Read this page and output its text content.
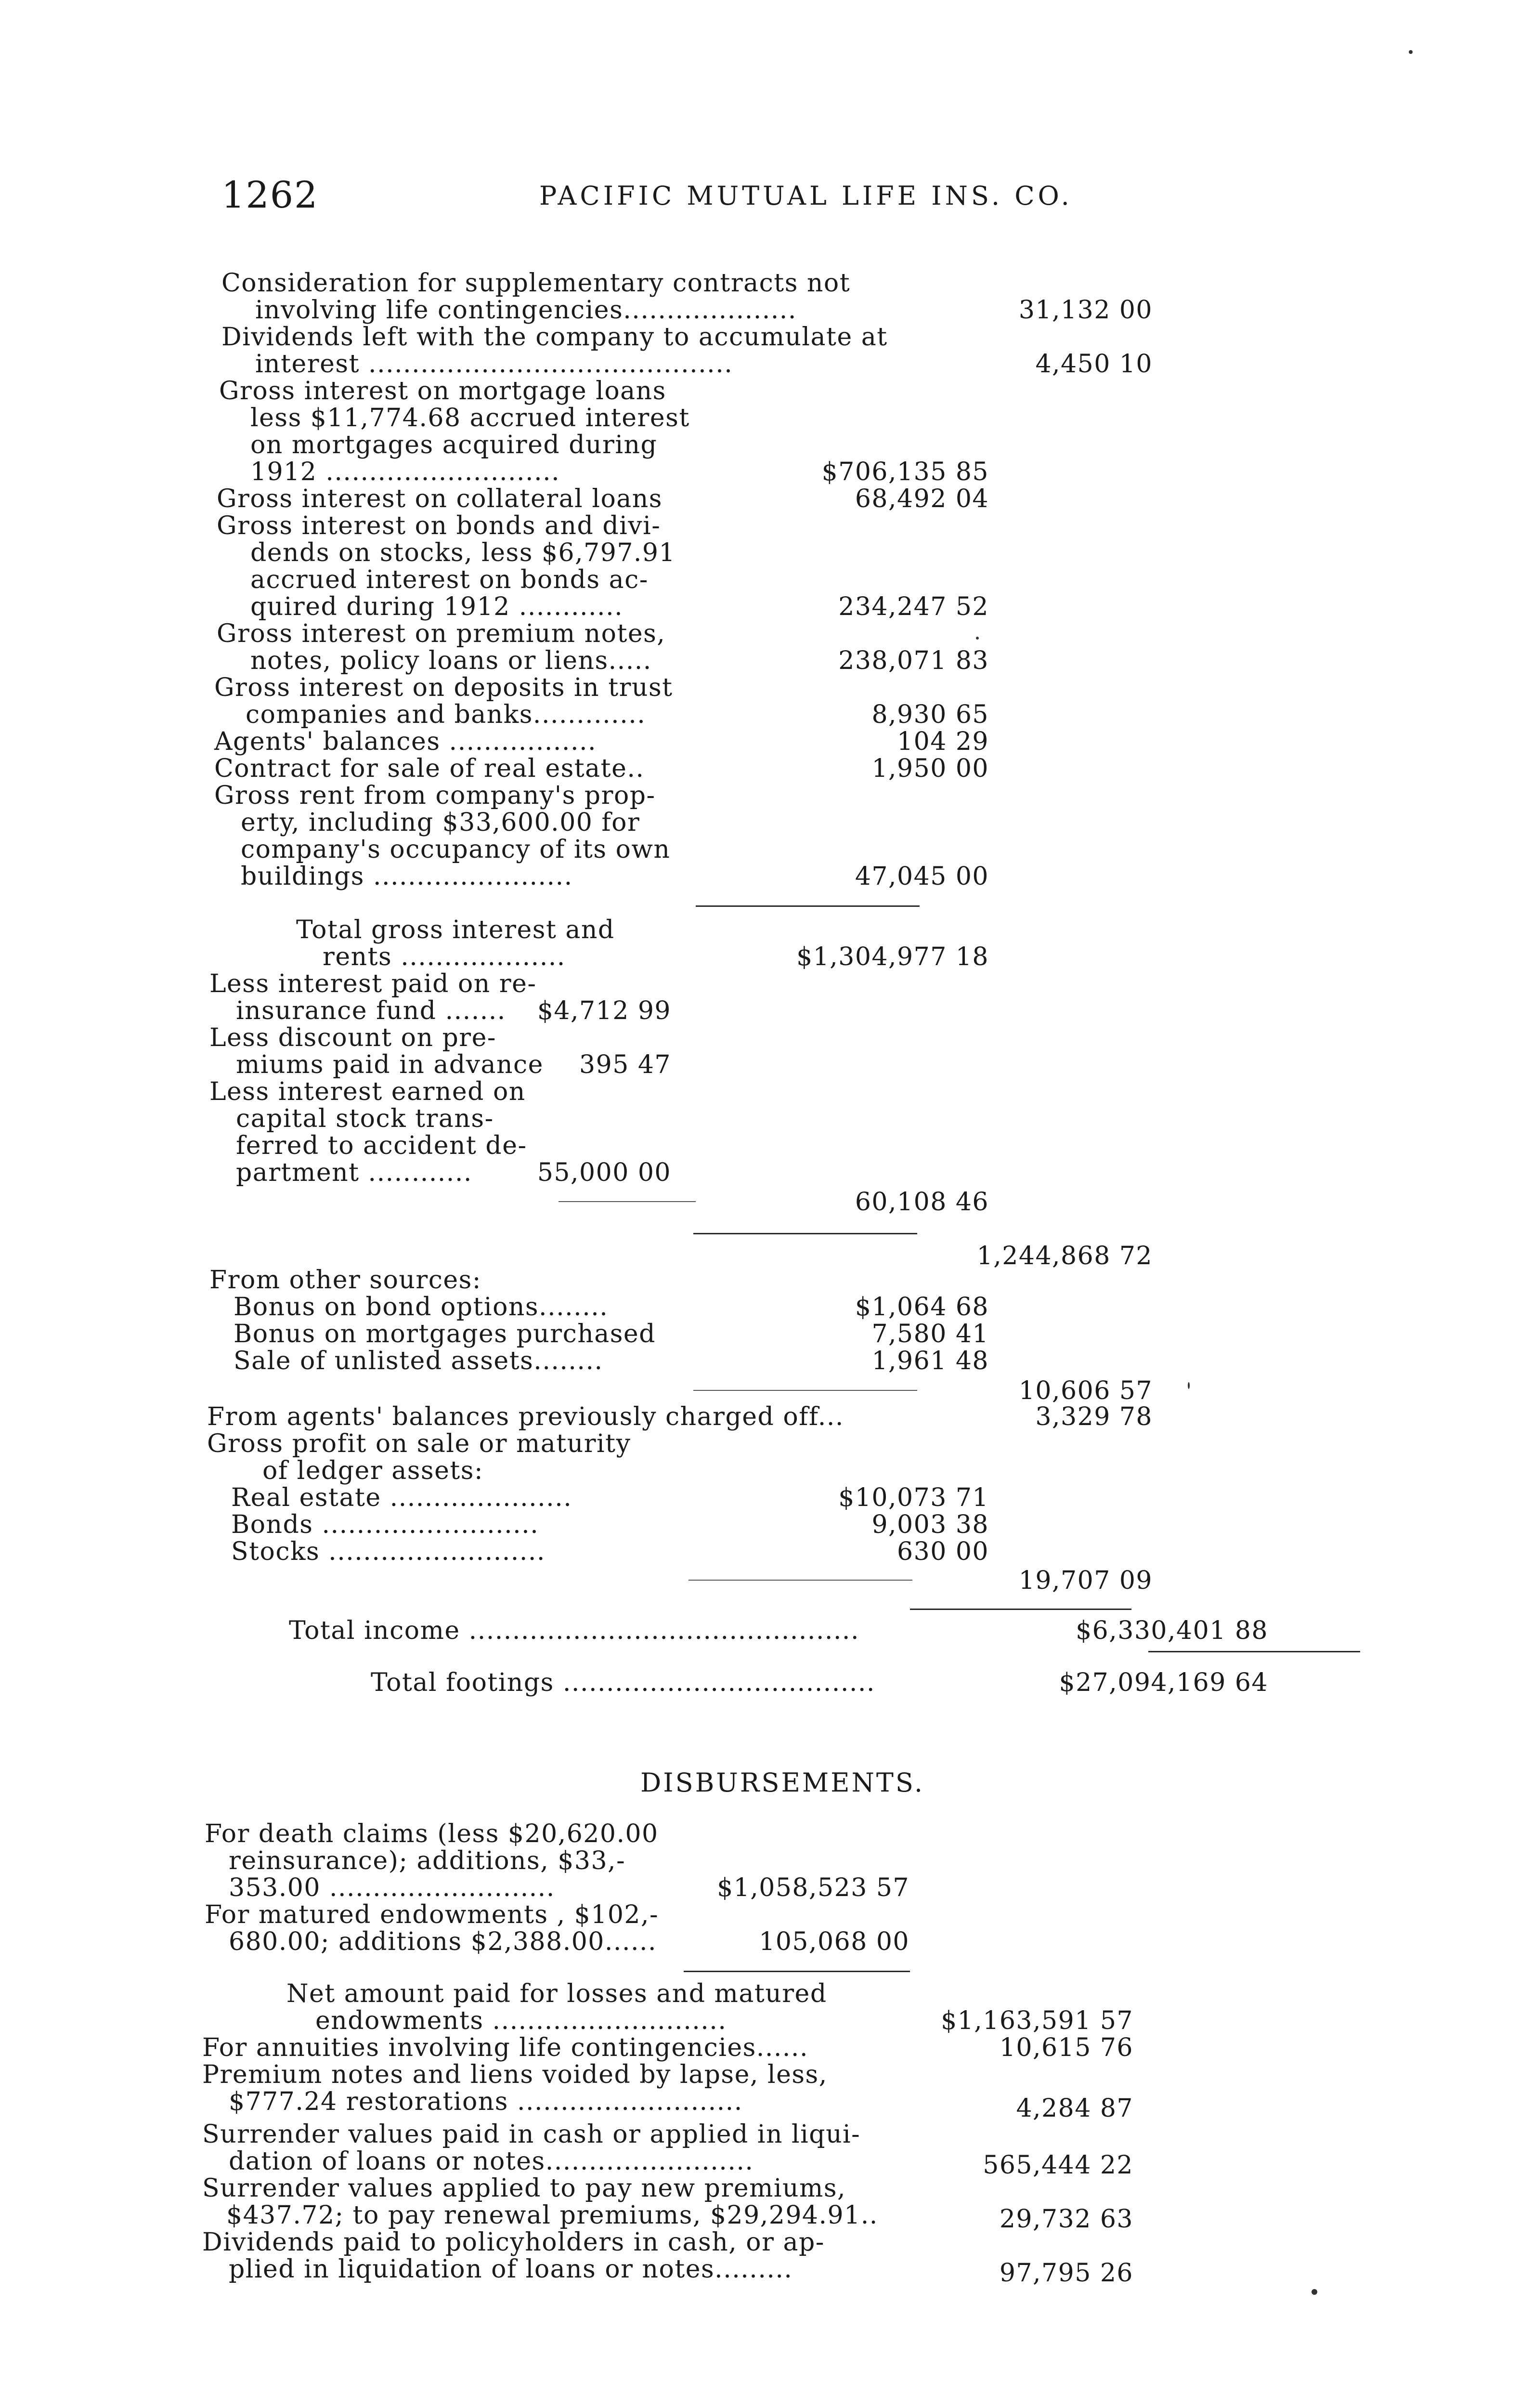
1262	PACIFIC MUTUAL LIFE INS. CO.
Consideration for supplementary contracts not
involving life contingencies....................	31,132 00
Dividends left with the company to accumulate at
interest ..........................................	4,450 10
Gross interest on mortgage loans
less $11,774.68 accrued interest
on mortgages acquired during
1912 ...........................	$706,135 85
Gross interest on collateral loans	68,492 04
Gross interest on bonds and divi-
dends on stocks, less $6,797.91
accrued interest on bonds ac-
quired during 1912 ............	234,247 52
Gross interest on premium notes,
notes, policy loans or liens.....	238,071 83
Gross interest on deposits in trust
companies and banks.............	8,930 65
Agents' balances .................	104 29
Contract for sale of real estate..	1,950 00
Gross rent from company's prop-
erty, including $33,600.00 for
company's occupancy of its own
buildings .......................	47,045 00
Total gross interest and
rents ...................	$1,304,977 18
Less interest paid on re-
insurance fund ....... $4,712 99
Less discount on pre-
miums paid in advance 395 47
Less interest earned on
capital stock trans-
ferred to accident de-
partment ............	55,000 00
60,108 46
1,244,868 72
From other sources:
Bonus on bond options........	$1,064 68
Bonus on mortgages purchased	7,580 41
Sale of unlisted assets........	1,961 48
10,606 57
From agents' balances previously charged off...	3,329 78
Gross profit on sale or maturity
of ledger assets:
Real estate .....................	$10,073 71
Bonds .........................	9,003 38
Stocks .........................	630 00
19,707 09
Total income .............................................	$6,330,401 88
Total footings ....................................	$27,094,169 64
DISBURSEMENTS.
For death claims (less $20,620.00
reinsurance); additions, $33,-
353.00 ..........................	$1,058,523 57
For matured endowments , $102,-
680.00; additions $2,388.00......	105,068 00
Net amount paid for losses and matured
endowments ...........................	$1,163,591 57
For annuities involving life contingencies......	10,615 76
Premium notes and liens voided by lapse, less,
$777.24 restorations ..........................	4,284 87
Surrender values paid in cash or applied in liqui-
dation of loans or notes........................	565,444 22
Surrender values applied to pay new premiums,
$437.72; to pay renewal premiums, $29,294.91..	29,732 63
Dividends paid to policyholders in cash, or ap-
plied in liquidation of loans or notes.........	97,795 26
